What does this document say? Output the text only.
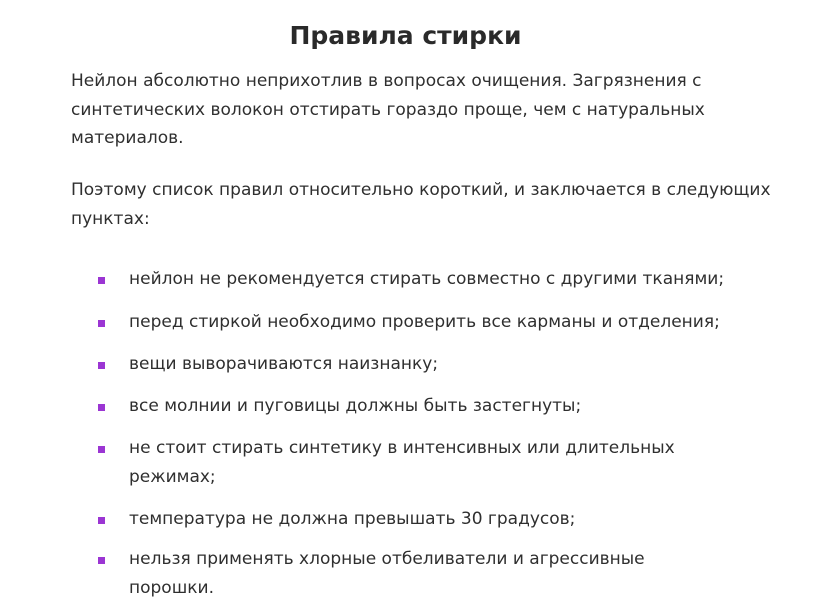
Правила стирки

Нейлон абсолютно неприхотлив в вопросах очищения. Загрязнения с синтетических волокон отстирать гораздо проще, чем с натуральных материалов.

Поэтому список правил относительно короткий, и заключается в следующих пунктах:

нейлон не рекомендуется стирать совместно с другими тканями;
перед стиркой необходимо проверить все карманы и отделения;
вещи выворачиваются наизнанку;
все молнии и пуговицы должны быть застегнуты;
не стоит стирать синтетику в интенсивных или длительных режимах;
температура не должна превышать 30 градусов;
нельзя применять хлорные отбеливатели и агрессивные порошки.
